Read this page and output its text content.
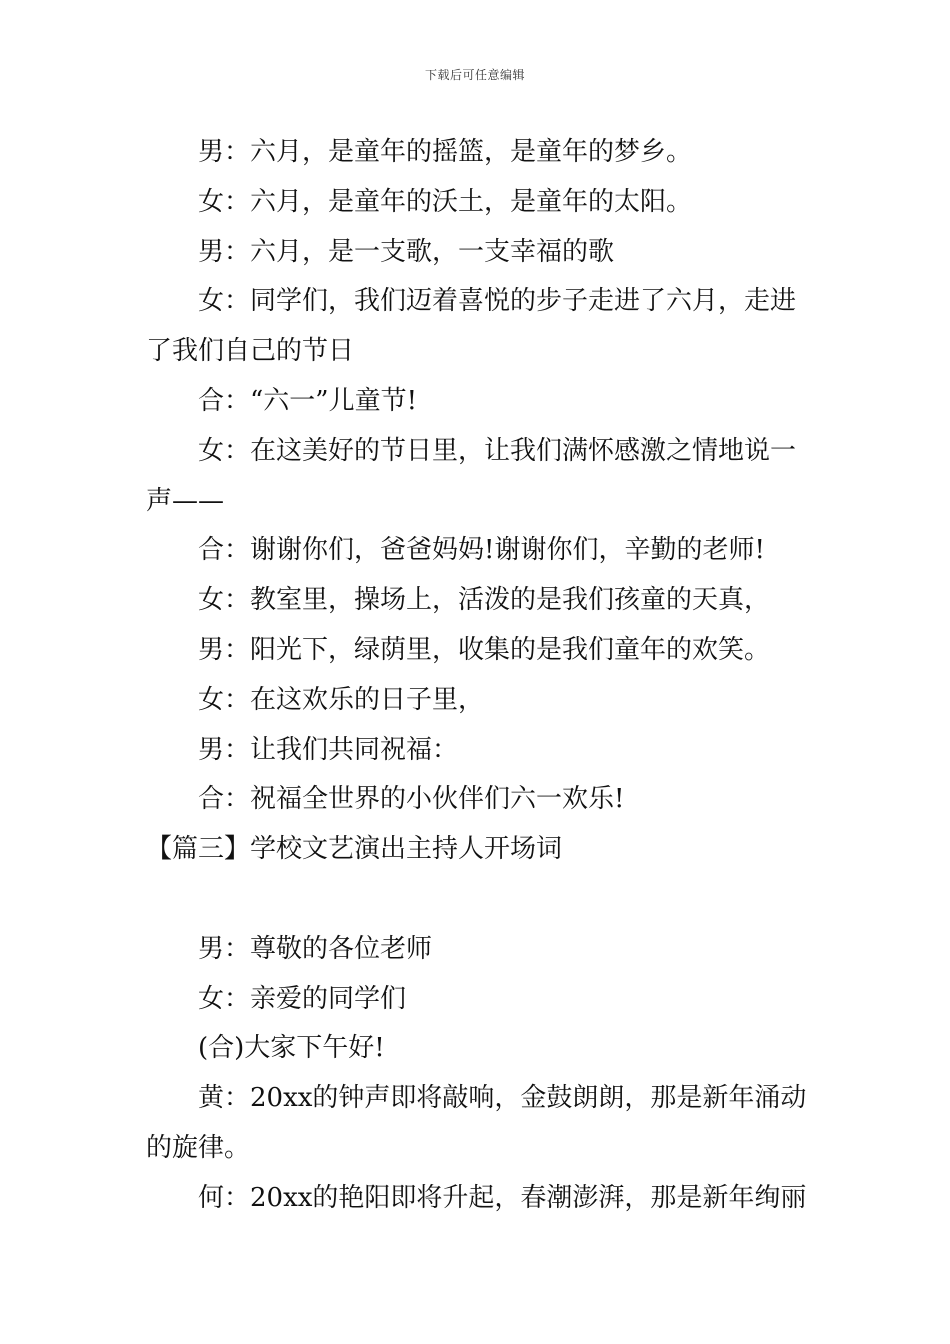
下载后可任意编辑

男：六月，是童年的摇篮，是童年的梦乡。

女：六月，是童年的沃土，是童年的太阳。

男：六月，是一支歌，一支幸福的歌

女：同学们，我们迈着喜悦的步子走进了六月，走进了我们自己的节日

合：“六一”儿童节!

女：在这美好的节日里，让我们满怀感激之情地说一声——

合：谢谢你们，爸爸妈妈!谢谢你们，辛勤的老师!

女：教室里，操场上，活泼的是我们孩童的天真，

男：阳光下，绿荫里，收集的是我们童年的欢笑。

女：在这欢乐的日子里，

男：让我们共同祝福：

合：祝福全世界的小伙伴们六一欢乐!

【篇三】学校文艺演出主持人开场词

男：尊敬的各位老师

女：亲爱的同学们

(合)大家下午好!

黄：20xx的钟声即将敲响，金鼓朗朗，那是新年涌动的旋律。

何：20xx的艳阳即将升起，春潮澎湃，那是新年绚丽
